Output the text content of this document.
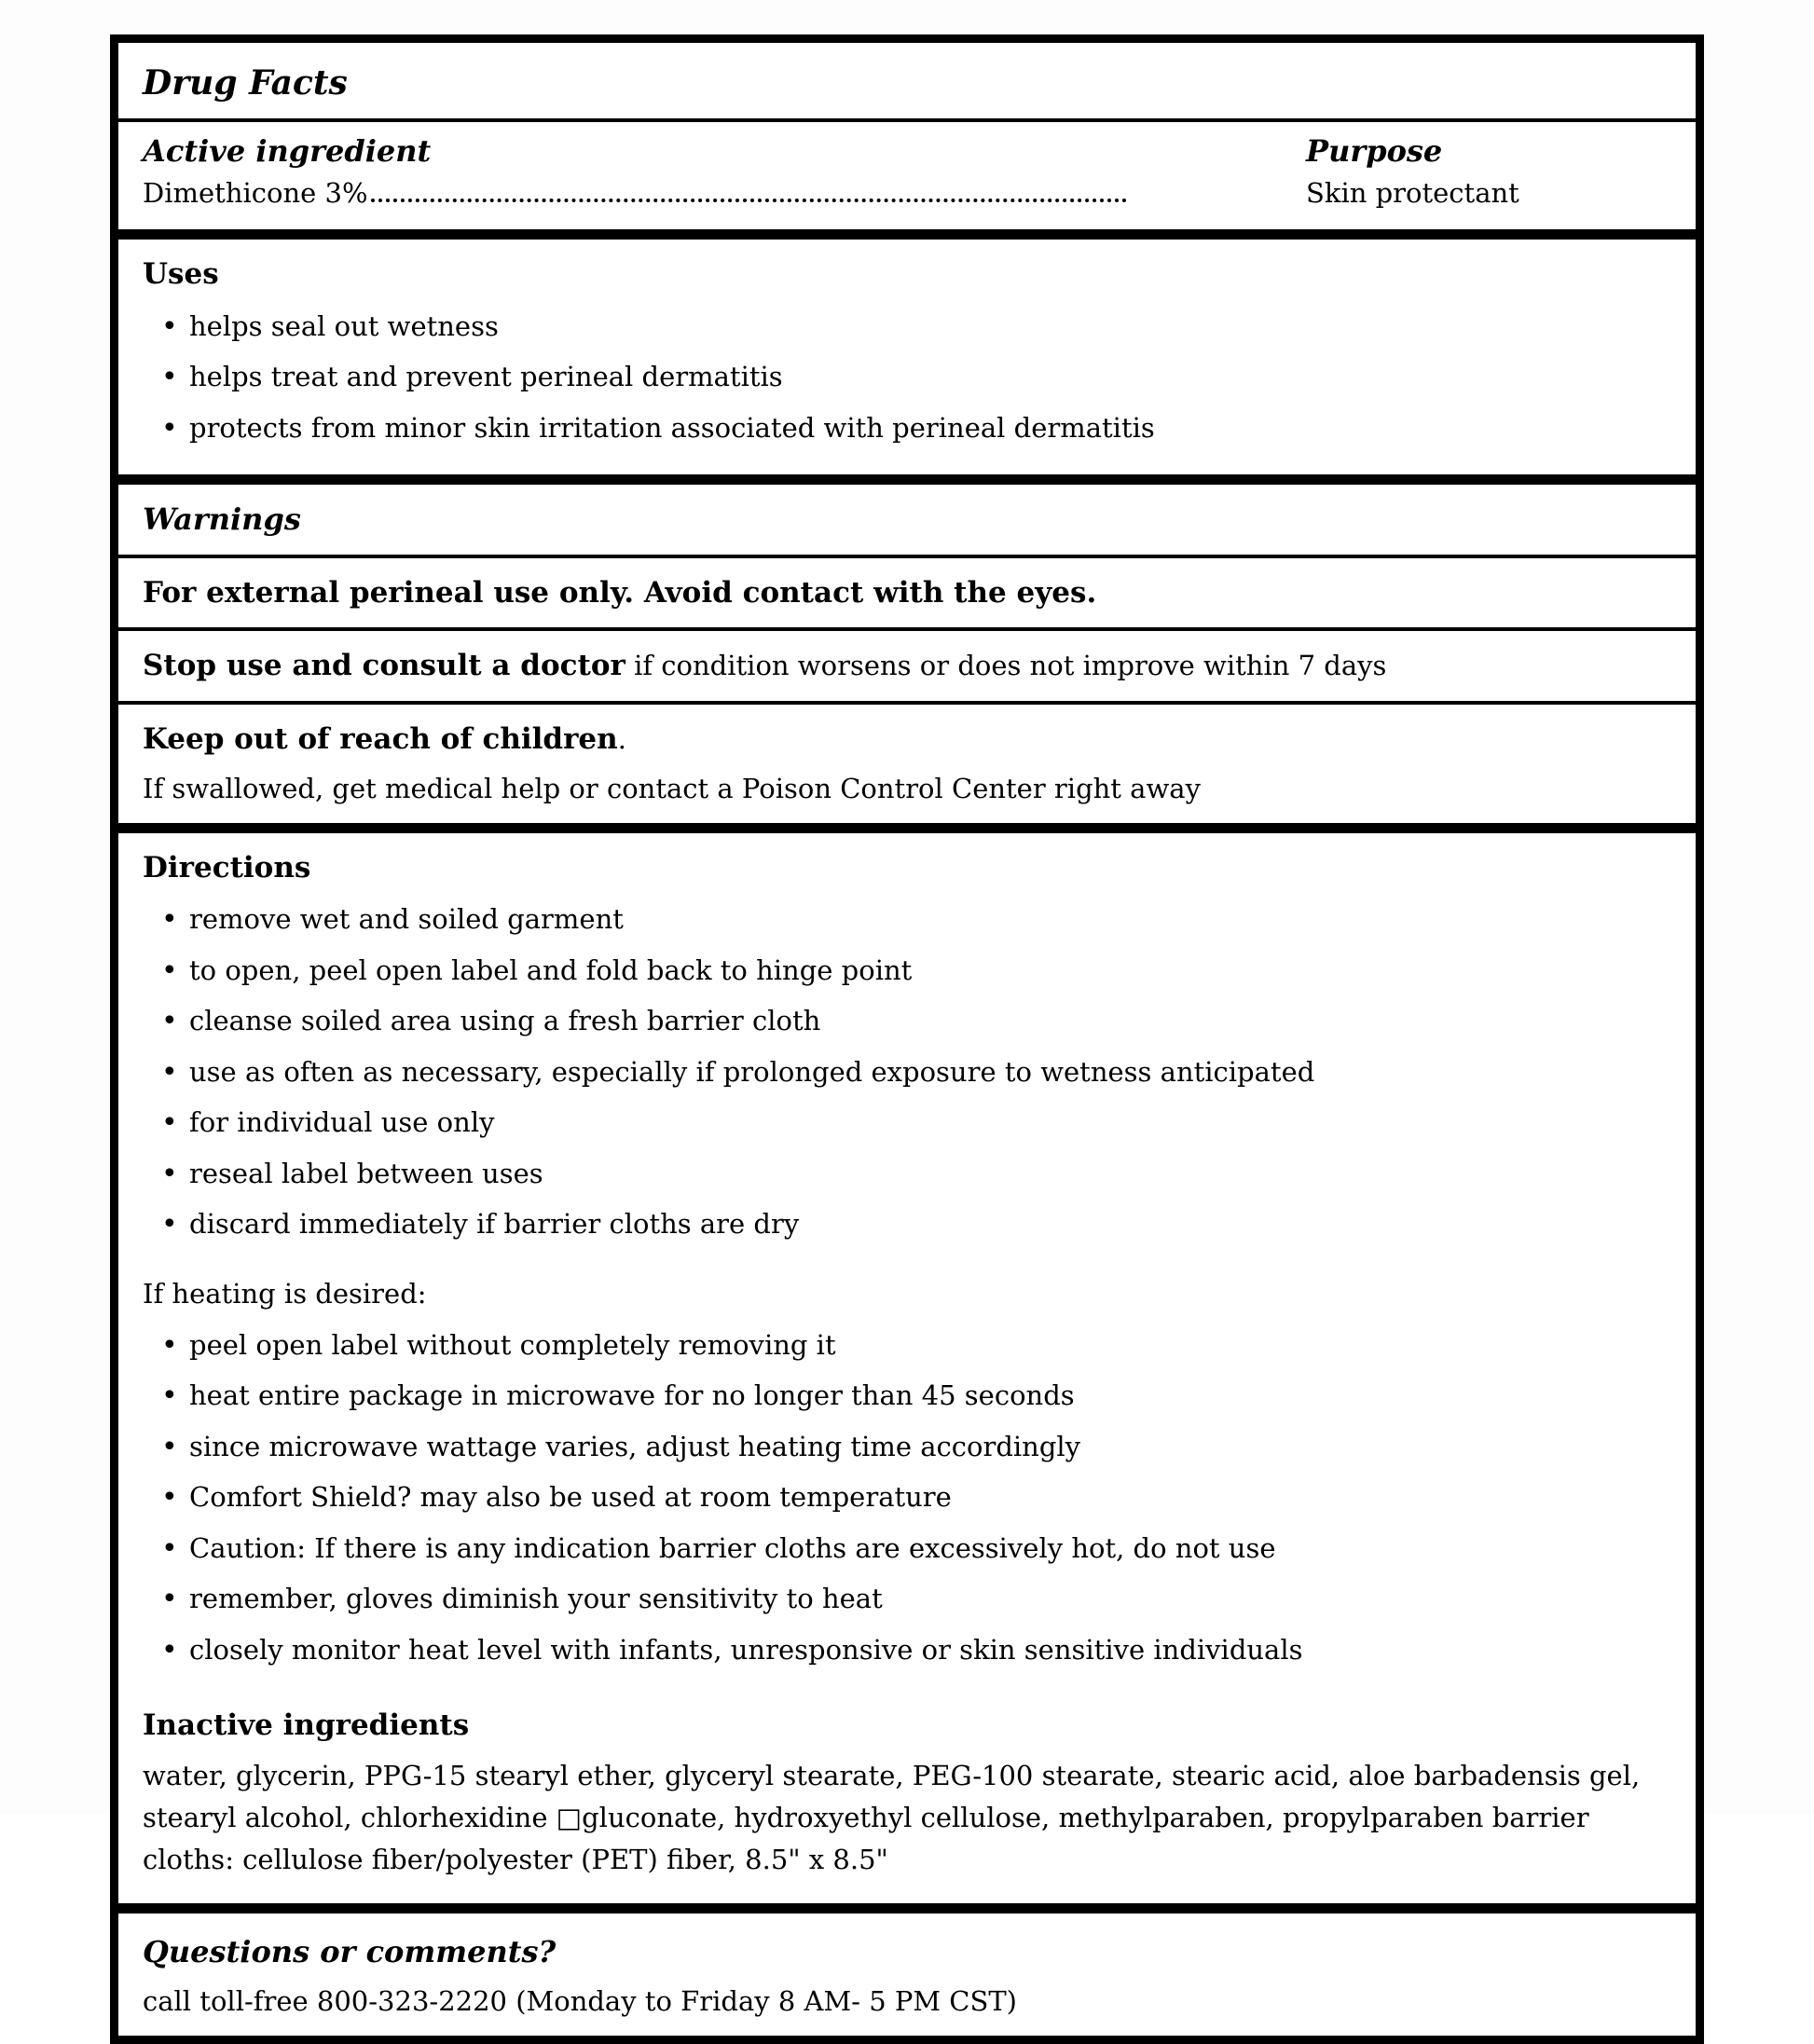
Drug Facts
Active ingredient
Dimethicone 3%
Purpose
Skin protectant
Uses
• helps seal out wetness
• helps treat and prevent perineal dermatitis
• protects from minor skin irritation associated with perineal dermatitis
Warnings

For external perineal use only. Avoid contact with the eyes.

Stop use and consult a doctor if condition worsens or does not improve within 7 days

Keep out of reach of children.

If swallowed, get medical help or contact a Poison Control Center right away

Directions
• remove wet and soiled garment
• to open, peel open label and fold back to hinge point
• cleanse soiled area using a fresh barrier cloth
• use as often as necessary, especially if prolonged exposure to wetness anticipated
• for individual use only
• reseal label between uses
• discard immediately if barrier cloths are dry

If heating is desired:

• peel open label without completely removing it
• heat entire package in microwave for no longer than 45 seconds
• since microwave wattage varies, adjust heating time accordingly
• Comfort Shield? may also be used at room temperature
• Caution: If there is any indication barrier cloths are excessively hot, do not use
• remember, gloves diminish your sensitivity to heat
• closely monitor heat level with infants, unresponsive or skin sensitive individuals
Inactive ingredients

water, glycerin, PPG-15 stearyl ether, glyceryl stearate, PEG-100 stearate, stearic acid, aloe barbadensis gel, stearyl alcohol, chlorhexidine □gluconate, hydroxyethyl cellulose, methylparaben, propylparaben barrier cloths: cellulose fiber/polyester (PET) fiber, 8.5" x 8.5"

Questions or comments?

call toll-free 800-323-2220 (Monday to Friday 8 AM- 5 PM CST)
